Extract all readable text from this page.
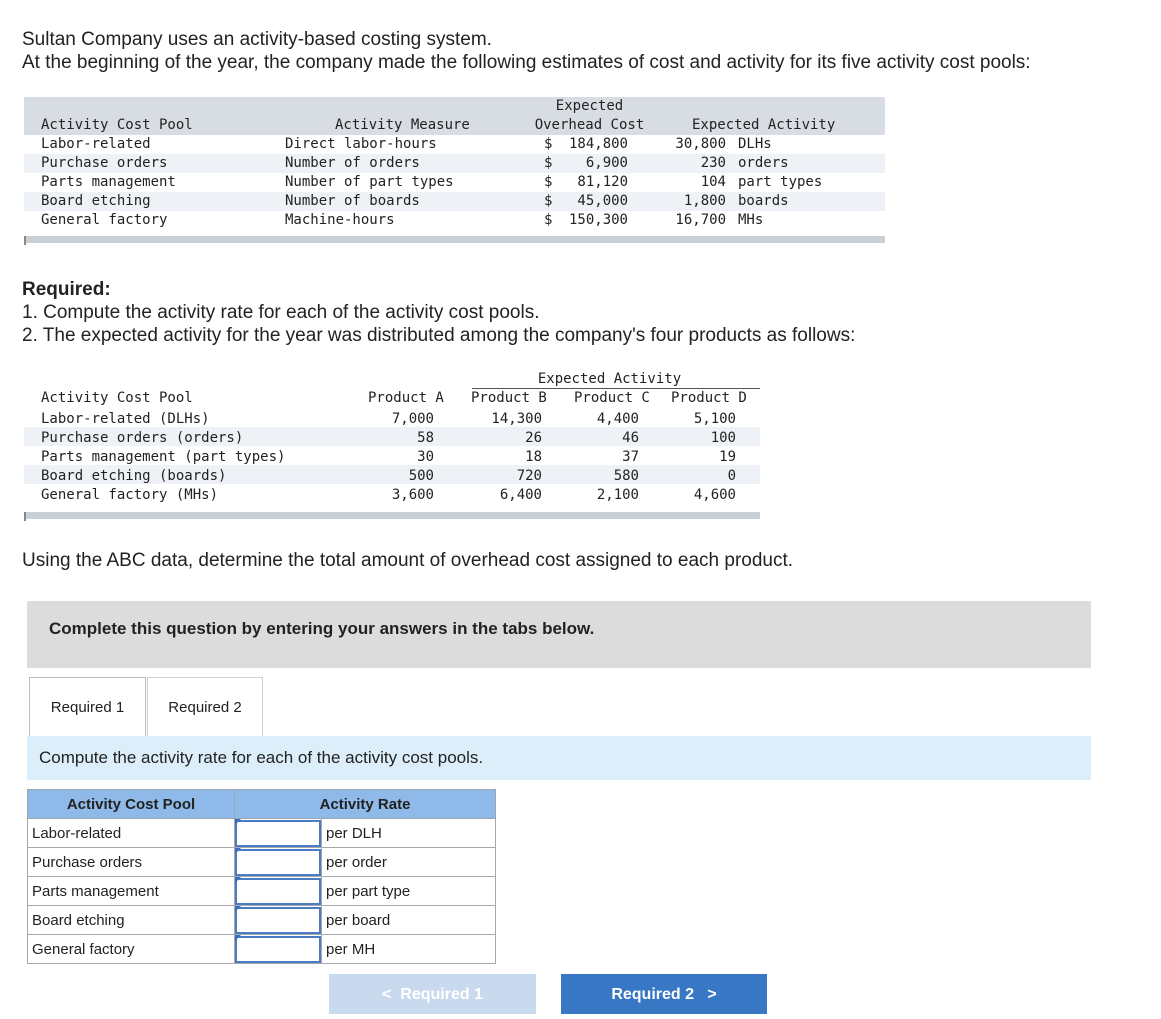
Sultan Company uses an activity-based costing system.

At the beginning of the year, the company made the following estimates of cost and activity for its five activity cost pools:

Activity Cost Pool	Activity Measure
Expected
Overhead Cost	Expected Activity
Labor-related	Direct labor-hours	$	184,800	30,800 DLHs
Purchase orders	Number of orders	$	6,900	230 orders
Parts management	Number of part types	$	81,120	104 part types
Board etching	Number of boards	$	45,000	1,800 boards
General factory	Machine-hours	$	150,300	16,700 MHs

Required:

1. Compute the activity rate for each of the activity cost pools.

2. The expected activity for the year was distributed among the company's four products as follows:

Expected Activity
Activity Cost Pool	Product A Product B Product C Product D
Labor-related (DLHs)	7,000	14,300	4,400	5,100
Purchase orders (orders)	58	26	46	100
Parts management (part types)	30	18	37	19
Board etching (boards)	500	720	580	0
General factory (MHs)	3,600	6,400	2,100	4,600

Using the ABC data, determine the total amount of overhead cost assigned to each product.

Complete this question by entering your answers in the tabs below.
Required 1	Required 2
Compute the activity rate for each of the activity cost pools.
Activity Cost Pool	Activity Rate	
Labor-related		per DLH
Purchase orders		per order
Parts management		per part type
Board etching		per board
General factory		per MH
<  Required 1	Required 2   >
